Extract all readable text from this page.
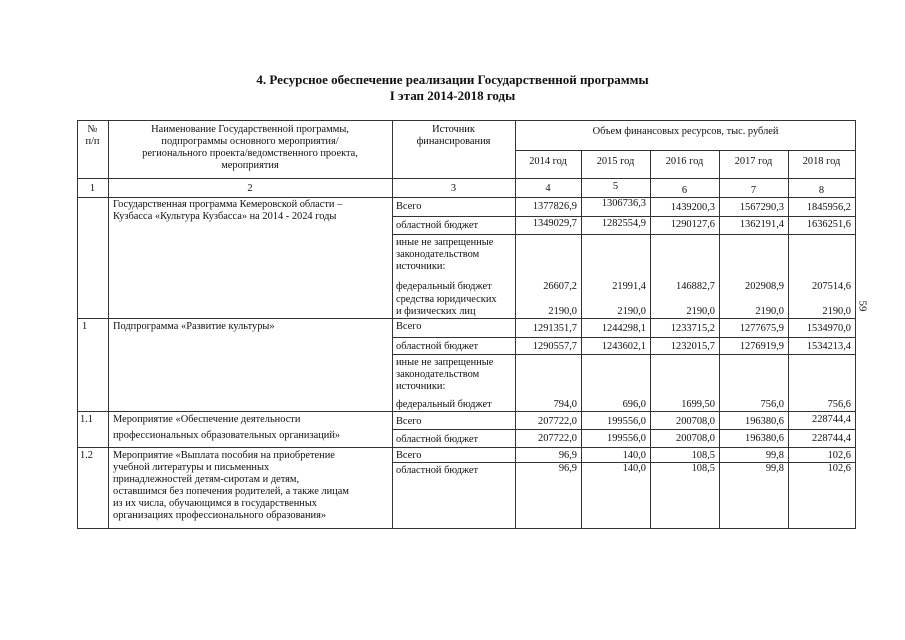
4. Ресурсное обеспечение реализации Государственной программы
I этап 2014-2018 годы
59
№
п/п
Наименование Государственной программы,
подпрограммы основного мероприятия/
регионального проекта/ведомственного проекта,
мероприятия
Источник
финансирования
Объем финансовых ресурсов, тыс. рублей
2014 год	2015 год	2016 год	2017 год	2018 год
1	2	3	4	5	6	7	8
Государственная программа Кемеровской области –
Кузбасса «Культура Кузбасса» на 2014 - 2024 годы
Всего	1377826,9	1306736,3	1439200,3	1567290,3	1845956,2
областной бюджет	1349029,7	1282554,9	1290127,6	1362191,4	1636251,6
иные не запрещенные
законодательством
источники:
федеральный бюджет	26607,2	21991,4	146882,7	202908,9	207514,6
средства юридических
и физических лиц	2190,0	2190,0	2190,0	2190,0	2190,0
1 Подпрограмма «Развитие культуры»	Всего	1291351,7	1244298,1	1233715,2	1277675,9	1534970,0
областной бюджет	1290557,7	1243602,1	1232015,7	1276919,9	1534213,4
иные не запрещенные
законодательством
источники:
федеральный бюджет	794,0	696,0	1699,50	756,0	756,6
1.1 Мероприятие «Обеспечение деятельности
профессиональных образовательных организаций»
Всего	207722,0	199556,0	200708,0	196380,6	228744,4
областной бюджет	207722,0	199556,0	200708,0	196380,6	228744,4
1.2 Мероприятие «Выплата пособия на приобретение
учебной литературы и письменных
принадлежностей детям-сиротам и детям,
оставшимся без попечения родителей, а также лицам
из их числа, обучающимся в государственных
организациях профессионального образования»
Всего	96,9	140,0	108,5	99,8	102,6
областной бюджет	96,9	140,0	108,5	99,8	102,6
